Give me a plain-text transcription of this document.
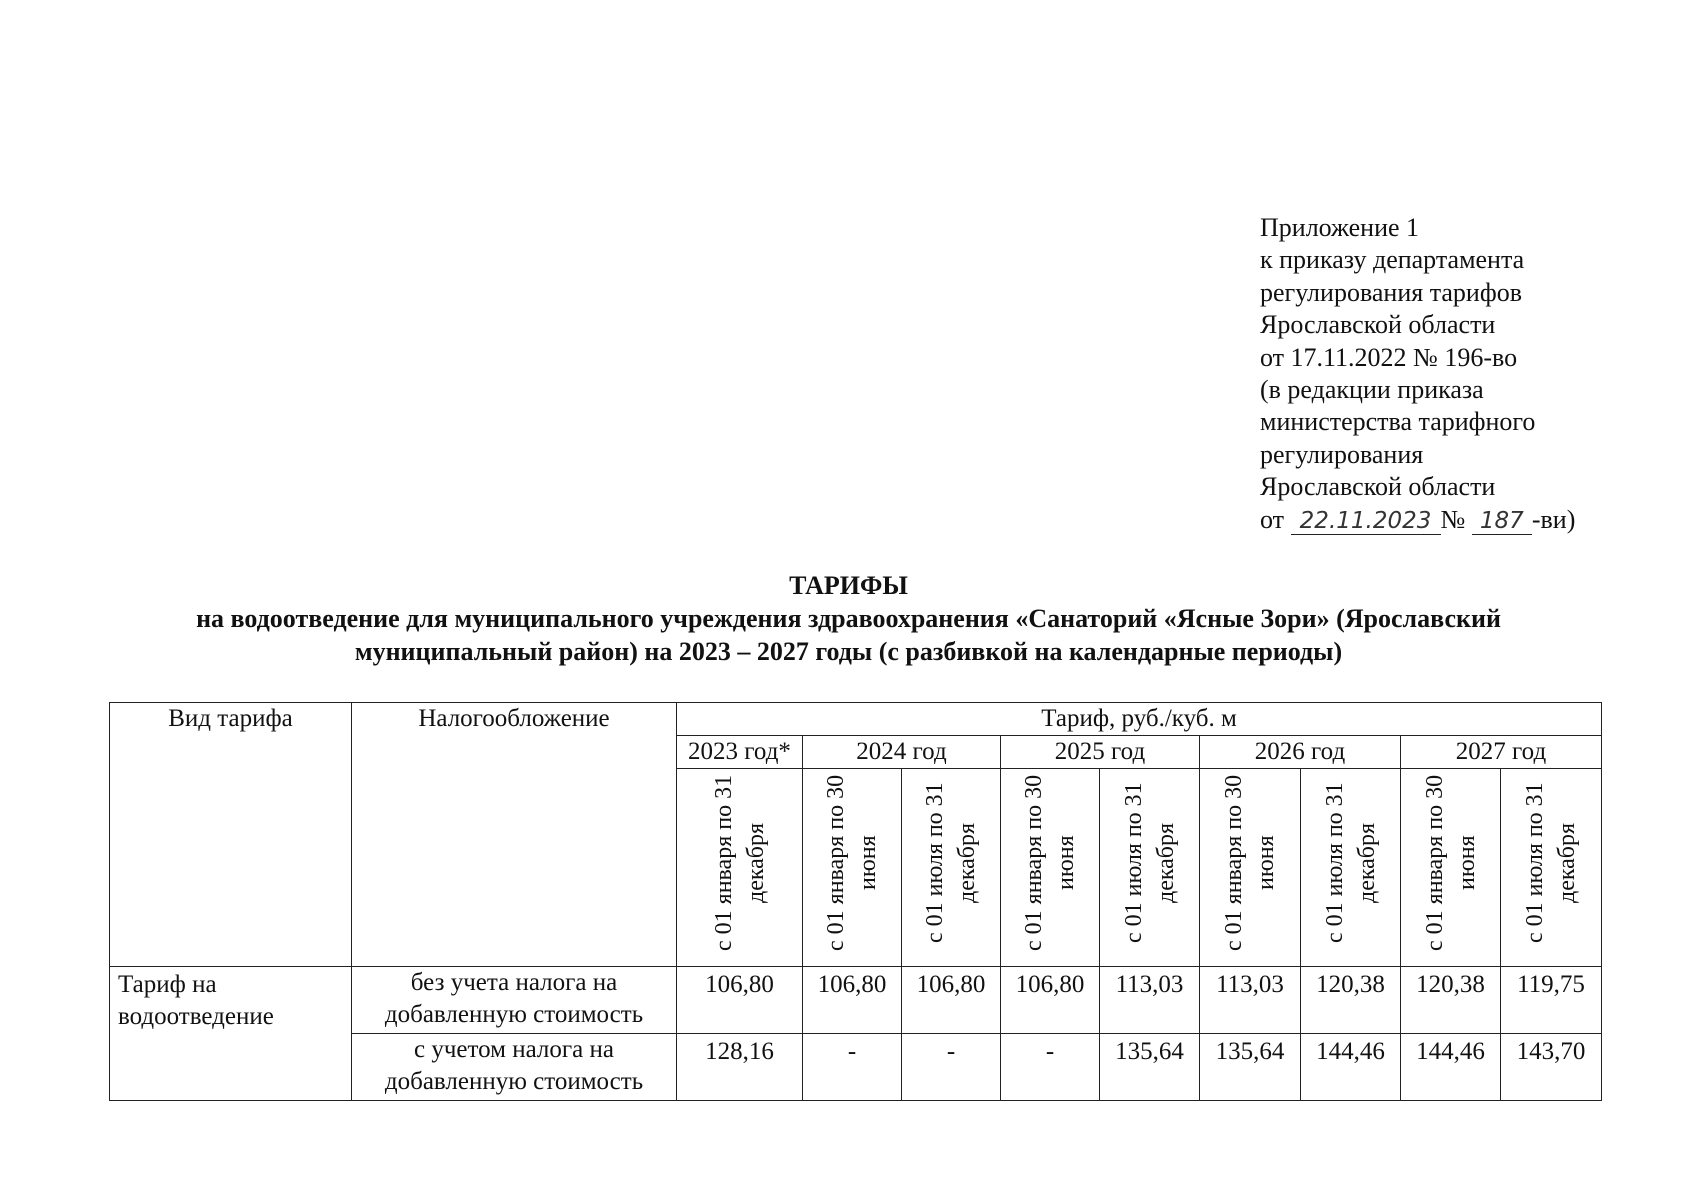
Приложение 1
к приказу департамента
регулирования тарифов
Ярославской области
от 17.11.2022 № 196-во
(в редакции приказа
министерства тарифного
регулирования
Ярославской области
от 22.11.2023 № 187 -ви)
ТАРИФЫ
на водоотведение для муниципального учреждения здравоохранения «Санаторий «Ясные Зори» (Ярославский
муниципальный район) на 2023 – 2027 годы (с разбивкой на календарные периоды)
Вид тарифа	Налогообложение	Тариф, руб./куб. м								
		2023 год*	2024 год		2025 год		2026 год		2027 год	
		с 01 января по 31 декабря	с 01 января по 30 июня	с 01 июля по 31 декабря	с 01 января по 30 июня	с 01 июля по 31 декабря	с 01 января по 30 июня	с 01 июля по 31 декабря	с 01 января по 30 июня	с 01 июля по 31 декабря
Тариф на водоотведение	без учета налога на добавленную стоимость	106,80	106,80	106,80	106,80	113,03	113,03	120,38	120,38	119,75
	с учетом налога на добавленную стоимость	128,16	-	-	-	135,64	135,64	144,46	144,46	143,70
